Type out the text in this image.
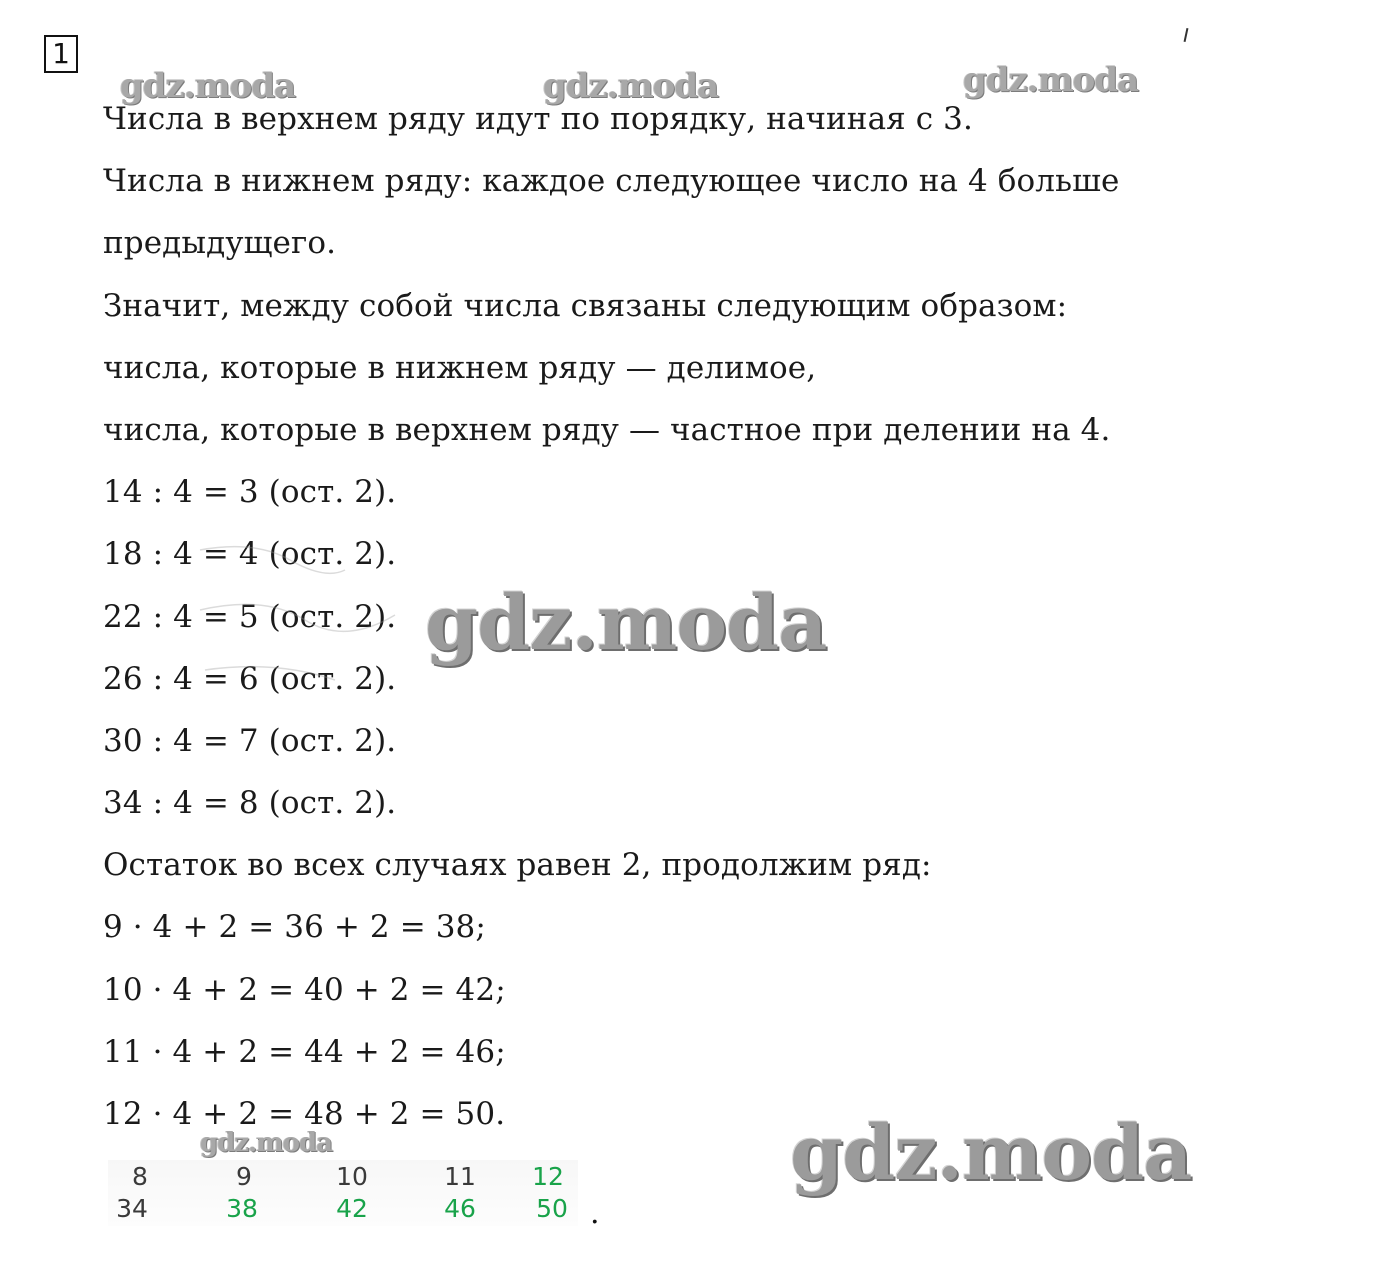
1
gdz.moda	gdz.moda	gdz.moda
Числа в верхнем ряду идут по порядку, начиная с 3.
Числа в нижнем ряду: каждое следующее число на 4 больше
предыдущего.
Значит, между собой числа связаны следующим образом:
числа, которые в нижнем ряду — делимое,
числа, которые в верхнем ряду — частное при делении на 4.
14 : 4 = 3 (ост. 2).
18 : 4 = 4 (ост. 2).
22 : 4 = 5 (ост. 2).
26 : 4 = 6 (ост. 2).
30 : 4 = 7 (ост. 2).
34 : 4 = 8 (ост. 2).
Остаток во всех случаях равен 2, продолжим ряд:
9 · 4 + 2 = 36 + 2 = 38;
10 · 4 + 2 = 40 + 2 = 42;
11 · 4 + 2 = 44 + 2 = 46;
12 · 4 + 2 = 48 + 2 = 50.
gdz.moda
gdz.moda	gdz.moda
8	9	10	11	12
34	38	42	46	50 .
